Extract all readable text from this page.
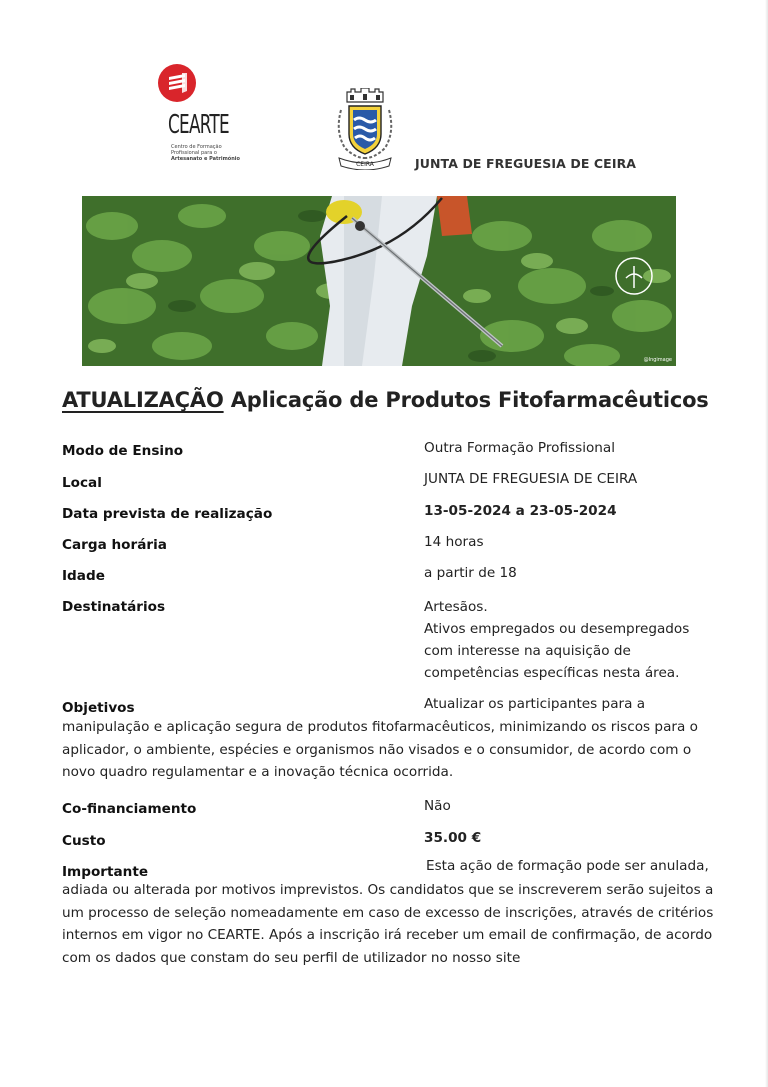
CEARTE
Centro de Formação
Profissional para o
Artesanato e Património
CEIRA	JUNTA DE FREGUESIA DE CEIRA
@Ingimage
ATUALIZAÇÃO Aplicação de Produtos Fitofarmacêuticos
Modo de Ensino	Outra Formação Profissional
Local	JUNTA DE FREGUESIA DE CEIRA
Data prevista de realização	13-05-2024 a 23-05-2024
Carga horária	14 horas
Idade	a partir de 18
Destinatários	Artesãos.
Ativos empregados ou desempregados
com interesse na aquisição de
competências específicas nesta área.
Objetivos	Atualizar os participantes para a
manipulação e aplicação segura de produtos fitofarmacêuticos, minimizando os riscos para o
aplicador, o ambiente, espécies e organismos não visados e o consumidor, de acordo com o
novo quadro regulamentar e a inovação técnica ocorrida.
Co-financiamento	Não
Custo	35.00 €
Importante	Esta ação de formação pode ser anulada,
adiada ou alterada por motivos imprevistos. Os candidatos que se inscreverem serão sujeitos a
um processo de seleção nomeadamente em caso de excesso de inscrições, através de critérios
internos em vigor no CEARTE. Após a inscrição irá receber um email de confirmação, de acordo
com os dados que constam do seu perfil de utilizador no nosso site
